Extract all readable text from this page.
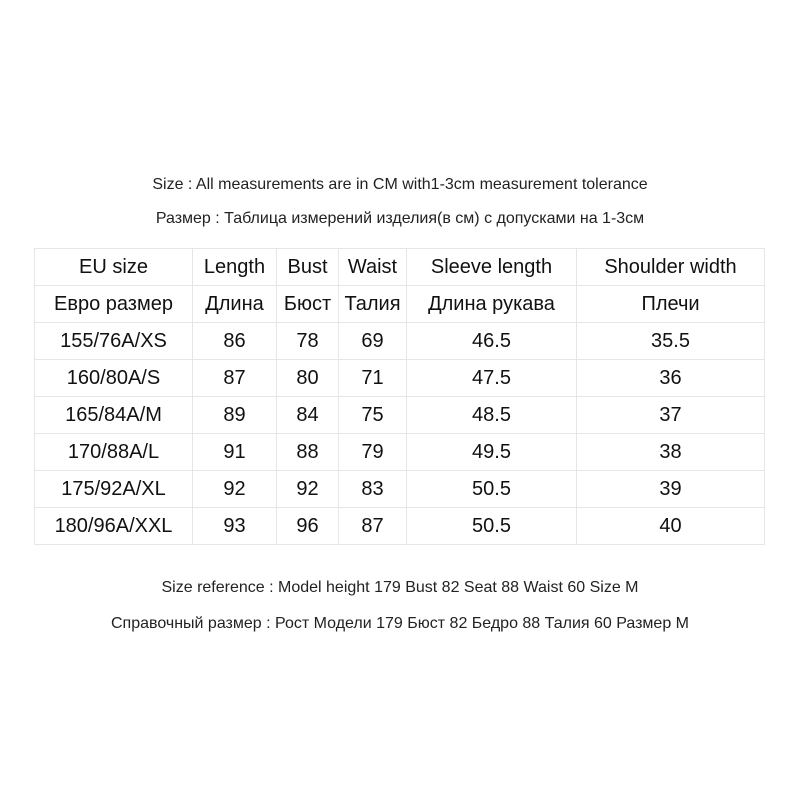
Size : All measurements are in CM with1-3cm measurement tolerance
Размер : Таблица измерений изделия(в см) с допусками на 1-3см
EU size	Length	Bust	Waist	Sleeve length	Shoulder width
Евро размер	Длина	Бюст	Талия	Длина рукава	Плечи
155/76A/XS	86	78	69	46.5	35.5
160/80A/S	87	80	71	47.5	36
165/84A/M	89	84	75	48.5	37
170/88A/L	91	88	79	49.5	38
175/92A/XL	92	92	83	50.5	39
180/96A/XXL	93	96	87	50.5	40
Size reference : Model height 179 Bust 82 Seat 88 Waist 60 Size M
Справочный размер : Рост Модели 179 Бюст 82 Бедро 88 Талия 60 Размер М
